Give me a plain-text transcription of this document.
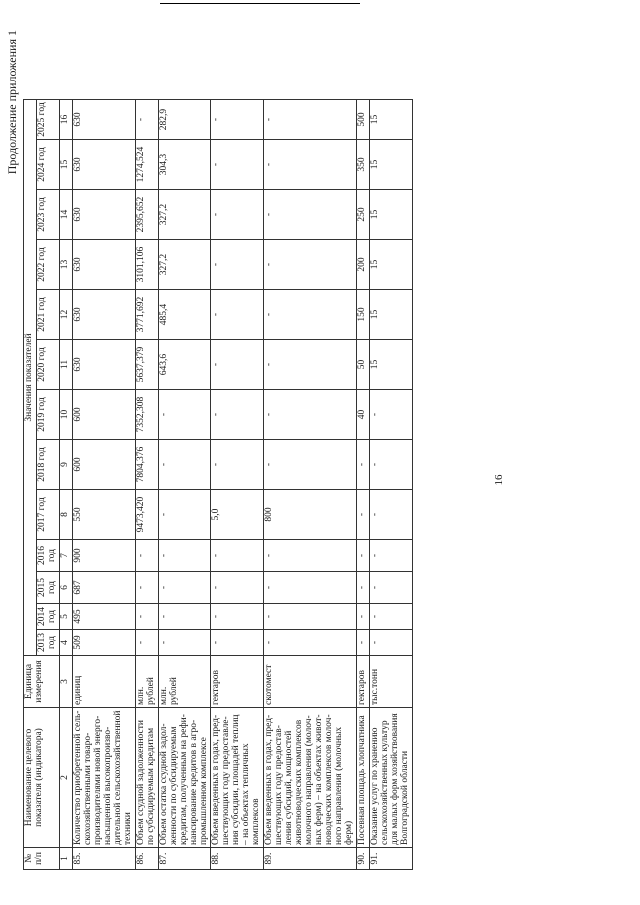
Продолжение приложения 1
16
№ п/п	Наименование целевого показателя (индикатора)	Единица измерения	Значения показателей												
			2013 год	2014 год	2015 год	2016 год	2017 год	2018 год	2019 год	2020 год	2021 год	2022 год	2023 год	2024 год	2025 год
1	2	3	4	5	6	7	8	9	10	11	12	13	14	15	16
85.	Количество приобретенной сельскохозяйственными товаропроизводителями новой энергонасыщенной высокопроизводительной сельскохозяйственной техники	единиц	509	495	687	900	550	600	600	630	630	630	630	630	630
86.	Объем ссудной задолженности по субсидируемым кредитам	млн. рублей	-	-	-	-	9473,420	7804,376	7352,308	5637,379	3771,692	3101,106	2395,652	1274,524	-
87.	Объем остатка ссудной задолженности по субсидируемым кредитам, полученным на рефинансирование кредитов в агропромышленном комплексе	млн. рублей	-	-	-	-	-	-	-	643,6	485,4	327,2	327,2	304,3	282,9
88.	Объем введенных в годах, предшествующих году предоставления субсидии, площадей теплиц – на объектах тепличных комплексов	гектаров	-	-	-	-	5,0	-	-	-	-	-	-	-	-
89.	Объем введенных в годах, предшествующих году предоставления субсидий, мощностей животноводческих комплексов молочного направления (молочных ферм) – на объектах животноводческих комплексов молочного направления (молочных ферм)	скотомест	-	-	-	-	800	-	-	-	-	-	-	-	-
90.	Посевная площадь хлопчатника	гектаров	-	-	-	-	-	-	40	50	150	200	250	350	500
91.	Оказание услуг по хранению сельскохозяйственных культур для малых форм хозяйствования Волгоградской области	тыс.тонн	-	-	-	-	-	-	-	15	15	15	15	15	15
